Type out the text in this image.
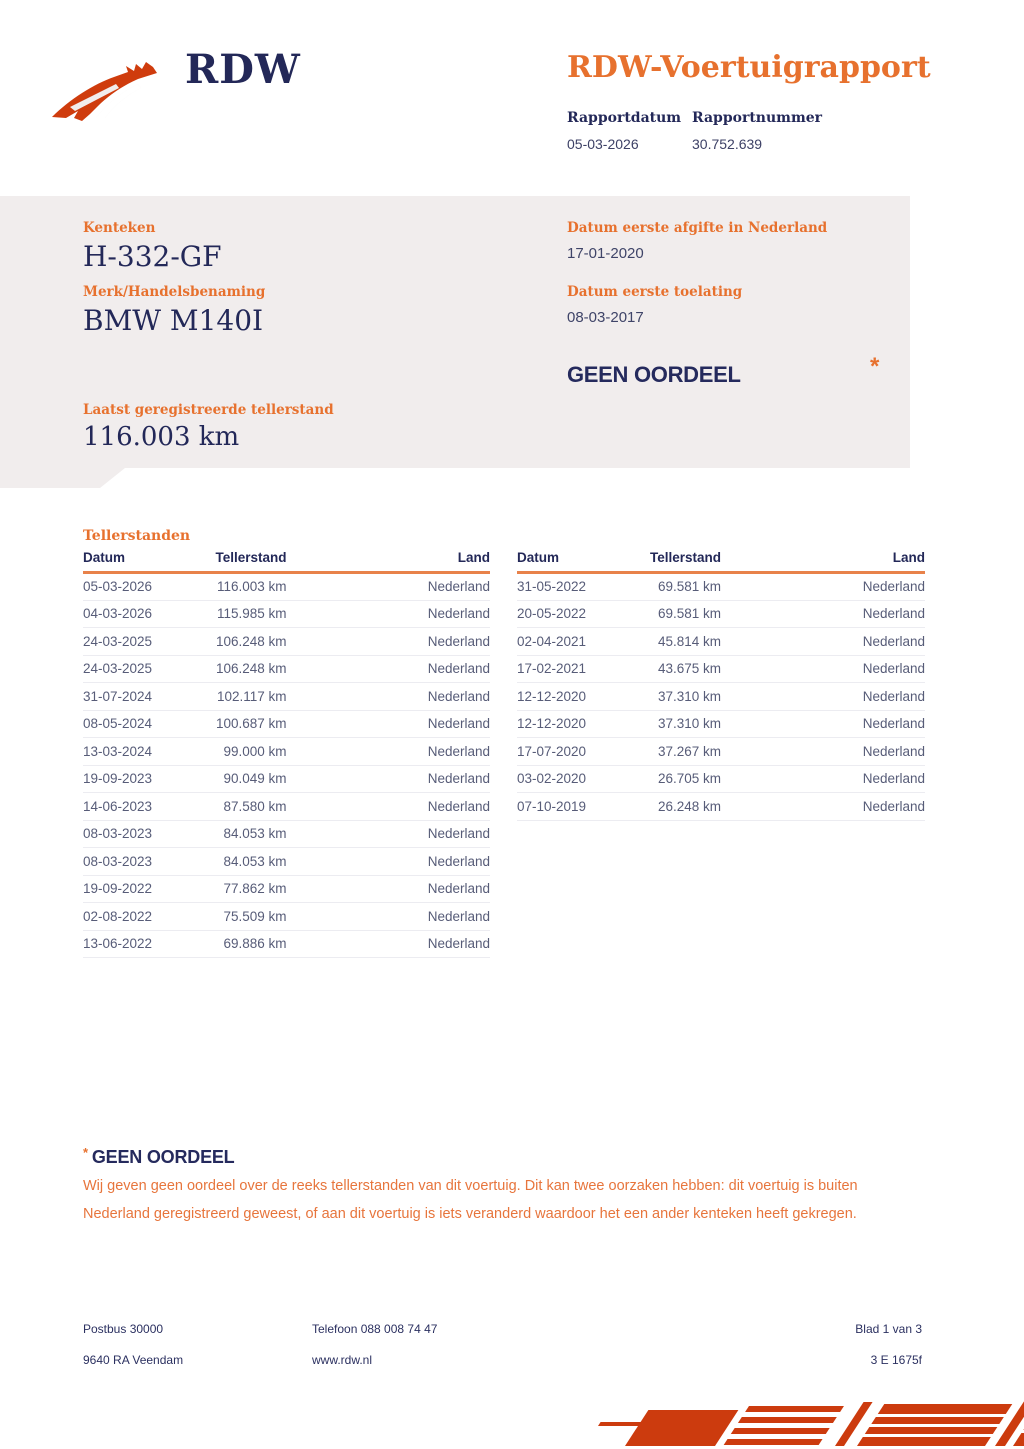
RDW	RDW-Voertuigrapport
Rapportdatum
05-03-2026
Rapportnummer
30.752.639
Kenteken
H-332-GF
Merk/Handelsbenaming
BMW M140I
Datum eerste afgifte in Nederland
17-01-2020
Datum eerste toelating
08-03-2017
GEEN OORDEEL	*
Laatst geregistreerde tellerstand
116.003 km
Tellerstanden
Datum	Tellerstand	Land
05-03-2026	116.003 km	Nederland
04-03-2026	115.985 km	Nederland
24-03-2025	106.248 km	Nederland
24-03-2025	106.248 km	Nederland
31-07-2024	102.117 km	Nederland
08-05-2024	100.687 km	Nederland
13-03-2024	99.000 km	Nederland
19-09-2023	90.049 km	Nederland
14-06-2023	87.580 km	Nederland
08-03-2023	84.053 km	Nederland
08-03-2023	84.053 km	Nederland
19-09-2022	77.862 km	Nederland
02-08-2022	75.509 km	Nederland
13-06-2022	69.886 km	Nederland
Datum	Tellerstand	Land
31-05-2022	69.581 km	Nederland
20-05-2022	69.581 km	Nederland
02-04-2021	45.814 km	Nederland
17-02-2021	43.675 km	Nederland
12-12-2020	37.310 km	Nederland
12-12-2020	37.310 km	Nederland
17-07-2020	37.267 km	Nederland
03-02-2020	26.705 km	Nederland
07-10-2019	26.248 km	Nederland
* GEEN OORDEEL
Wij geven geen oordeel over de reeks tellerstanden van dit voertuig. Dit kan twee oorzaken hebben: dit voertuig is buiten Nederland geregistreerd geweest, of aan dit voertuig is iets veranderd waardoor het een ander kenteken heeft gekregen.
Postbus 30000
9640 RA Veendam
Telefoon 088 008 74 47
www.rdw.nl
Blad 1 van 3
3 E 1675f
